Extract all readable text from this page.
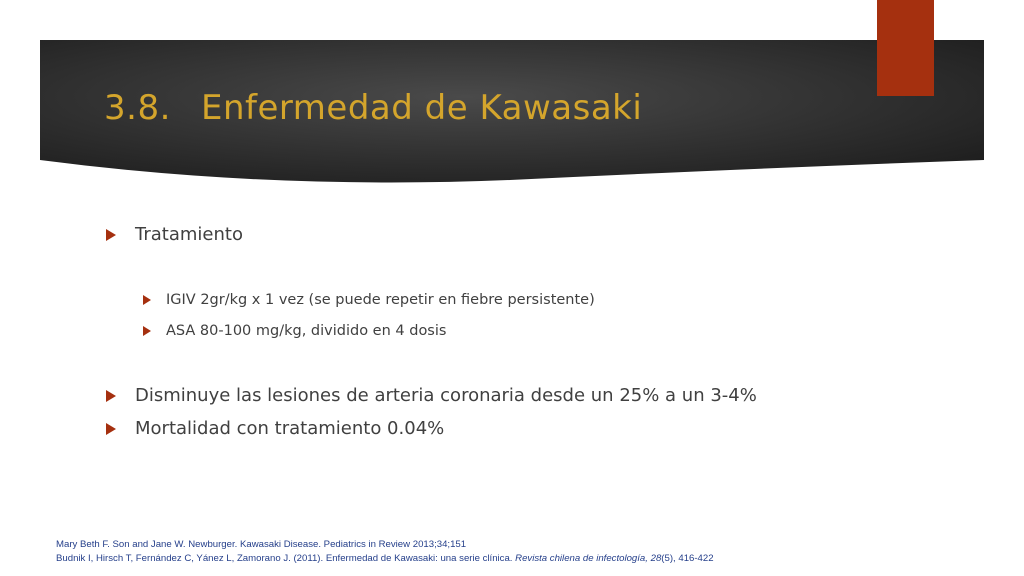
3.8. Enfermedad de Kawasaki
Tratamiento
IGIV 2gr/kg x 1 vez (se puede repetir en fiebre persistente)
ASA 80-100 mg/kg, dividido en 4 dosis
Disminuye las lesiones de arteria coronaria desde un 25% a un 3-4%
Mortalidad con tratamiento 0.04%
Mary Beth F. Son and Jane W. Newburger. Kawasaki Disease. Pediatrics in Review 2013;34;151
Budnik I, Hirsch T, Fernández C, Yánez L, Zamorano J. (2011). Enfermedad de Kawasaki: una serie clínica. Revista chilena de infectología, 28(5), 416-422
